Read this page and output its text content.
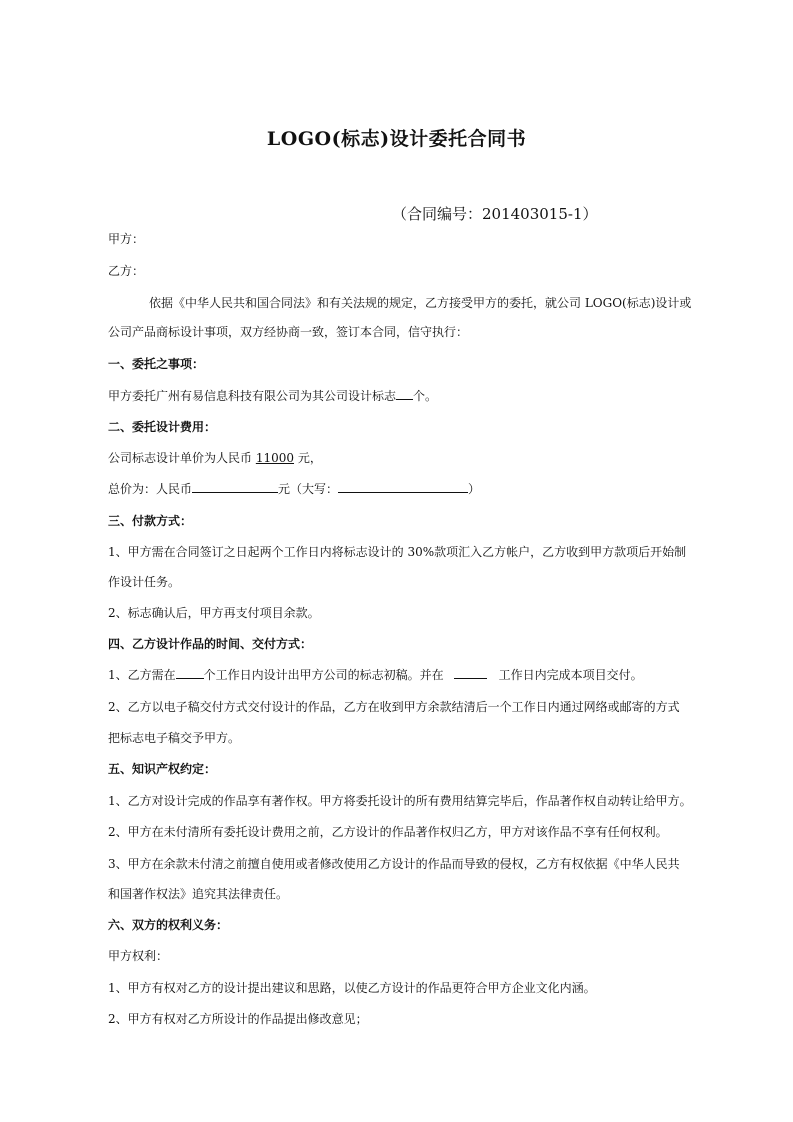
LOGO(标志)设计委托合同书
（合同编号：201403015-1）
甲方：
乙方：
依据《中华人民共和国合同法》和有关法规的规定，乙方接受甲方的委托，就公司 LOGO(标志)设计或
公司产品商标设计事项，双方经协商一致，签订本合同，信守执行：
一、委托之事项：
甲方委托广州有易信息科技有限公司为其公司设计标志 个。
二、委托设计费用：
公司标志设计单价为人民币 11000 元，
总价为：人民币	元（大写：	）
三、付款方式：
1、甲方需在合同签订之日起两个工作日内将标志设计的 30%款项汇入乙方帐户，乙方收到甲方款项后开始制
作设计任务。
2、标志确认后，甲方再支付项目余款。
四、乙方设计作品的时间、交付方式：
1、乙方需在 个工作日内设计出甲方公司的标志初稿。并在	工作日内完成本项目交付。
2、乙方以电子稿交付方式交付设计的作品，乙方在收到甲方余款结清后一个工作日内通过网络或邮寄的方式
把标志电子稿交予甲方。
五、知识产权约定：
1、乙方对设计完成的作品享有著作权。甲方将委托设计的所有费用结算完毕后，作品著作权自动转让给甲方。
2、甲方在未付清所有委托设计费用之前，乙方设计的作品著作权归乙方，甲方对该作品不享有任何权利。
3、甲方在余款未付清之前擅自使用或者修改使用乙方设计的作品而导致的侵权，乙方有权依据《中华人民共
和国著作权法》追究其法律责任。
六、双方的权利义务：
甲方权利：
1、甲方有权对乙方的设计提出建议和思路，以使乙方设计的作品更符合甲方企业文化内涵。
2、甲方有权对乙方所设计的作品提出修改意见；
